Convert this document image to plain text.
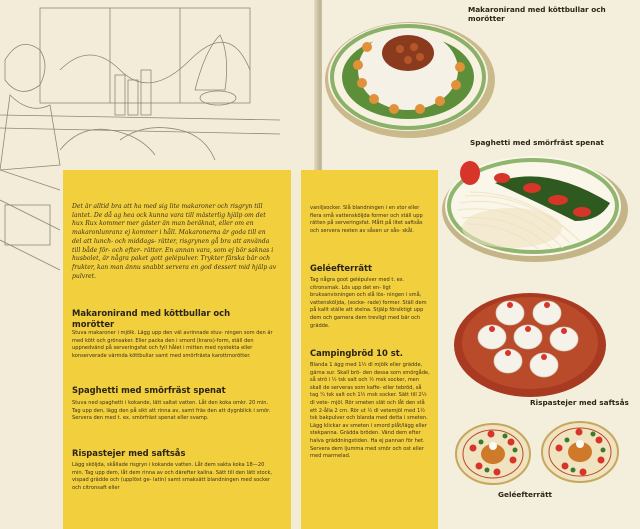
Det är alltid bra att ha med sig lite makaroner och risgryn till lantet. De då ag hea ock kunna vara till mästerlig hjälp om det hux Rux kommer mer gäster än man beräknat, eller om en makaronlunranz ej kommer i håll. Makaronerna är goda till en del att lunch- och middags- rätter, risgrynen gå bra att använda till både för- och efter- rätter. En annan vara, som ej bör saknas i husbolet, är några paket gott gelépulver. Trykter färska bär och frukter, kan man ännu snabbt servera en god dessert mid hjälp av pulvret.
Makaronirand med köttbullar och morötter
Stuva makaroner i mjölk. Lägg upp den väl avrinnade stuv- ningen som den är med kött och grönsaker. Eller packa den i smord (krans)-form, ställ den uppnedvänd på serveringsfat och fyll hålet i mitten med nystekta eller konserverade värmda köttbullar samt med smörfrästa karottmorötter.
Spaghetti med smörfräst spenat
Stuva ned spaghetti i kokande, lätt saltat vatten. Låt den koka omkr. 20 min. Tag upp den, lägg den på sikt att rinna av, samt fräs den att dygnblick i smör. Servera den med t. ex. smörfräst spenat eller svamp.
Rispastejer med saftsås
Lägg sköljda, skållade risgryn i kokande vatten. Låt dem sakta koka 18—20 min. Tag upp dem, låt dem rinna av och därefter kallna. Sätt till den lätt stock, vispad grädde och (upplöst ge- latin) samt smaksätt blandningen med socker och citronsaft eller
vaniljsocker. Slå blandningen i en stor eller flera små vattensköljda former och ställ upp rätten på serveringsfat. Mått på litet saftsås och servera resten av såsen ur sås- skål.
Geléefterrätt
Tag några goot gelépulver med t. ex. citronsmak. Lös upp det en- ligt bruksanvisningen och slå lös- ningen i små, vattensköljda, (socke- rade) former. Ställ dem på kallt ställe att stelna. Stjälp försiktigt upp dem och garnera dem trevligt med bär och grädde.
Campingbröd 10 st.
Blanda 1 ägg med 1½ dl mjölk eller grädde, gärna sur. Skall brö- den dessa som smörgåde, så strö i ½ tsk salt och ½ msk socker, men skall de serveras som kaffe- eller tebröd, så tag ¼ tsk salt och 1½ msk socker. Sätt till 2½ dl vete- mjöl. Rör smeten slät och låt den stå ett 2-ålla 2 cm. Rör ut ½ dl vetemjöl med 1½ tsk bakpulver och blanda med detta i smeten. Lägg klickar av smeten i smord plåt/lägg eller stekpanna. Grädda bröden. Vänd dem efter halva gräddningstiden. Ha ej pannan för het. Servera dem ljumma med smör och ost eller med marmelad.
Makaronirand med köttbullar och morötter
Spaghetti med smörfräst spenat
Rispastejer med saftsås
Geléefterrätt
